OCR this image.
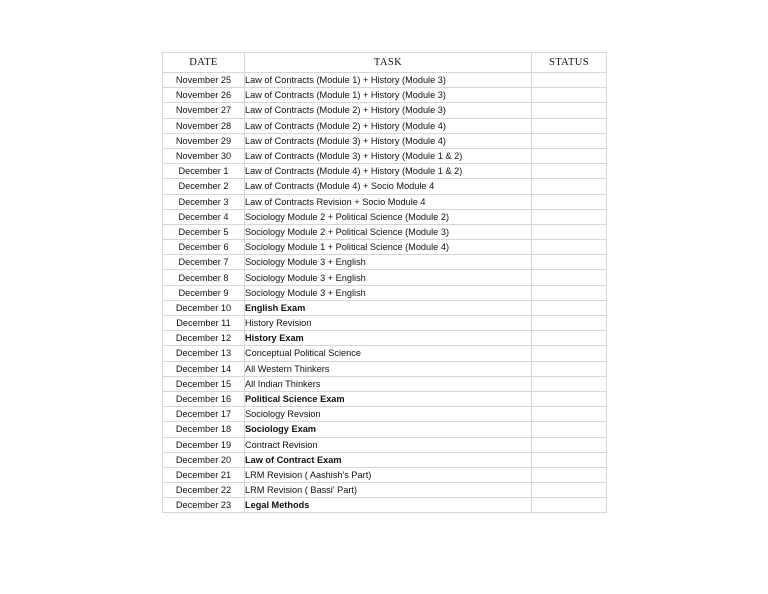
DATE	TASK	STATUS
November 25	Law of Contracts (Module 1) + History (Module 3)	
November 26	Law of Contracts (Module 1) + History (Module 3)	
November 27	Law of Contracts (Module 2) + History (Module 3)	
November 28	Law of Contracts (Module 2) + History (Module 4)	
November 29	Law of Contracts (Module 3) + History (Module 4)	
November 30	Law of Contracts (Module 3) + History (Module 1 & 2)	
December 1	Law of Contracts (Module 4) + History (Module 1 & 2)	
December 2	Law of Contracts (Module 4) + Socio Module 4	
December 3	Law of Contracts Revision + Socio Module 4	
December 4	Sociology Module 2 + Political Science (Module 2)	
December 5	Sociology Module 2 + Political Science (Module 3)	
December 6	Sociology Module 1 + Political Science (Module 4)	
December 7	Sociology Module 3 + English	
December 8	Sociology Module 3 + English	
December 9	Sociology Module 3 + English	
December 10	English Exam	
December 11	History Revision	
December 12	History Exam	
December 13	Conceptual Political Science	
December 14	All Western Thinkers	
December 15	All Indian Thinkers	
December 16	Political Science Exam	
December 17	Sociology Revsion	
December 18	Sociology Exam	
December 19	Contract Revision	
December 20	Law of Contract Exam	
December 21	LRM Revision ( Aashish's Part)	
December 22	LRM Revision ( Bassi' Part)	
December 23	Legal Methods	
